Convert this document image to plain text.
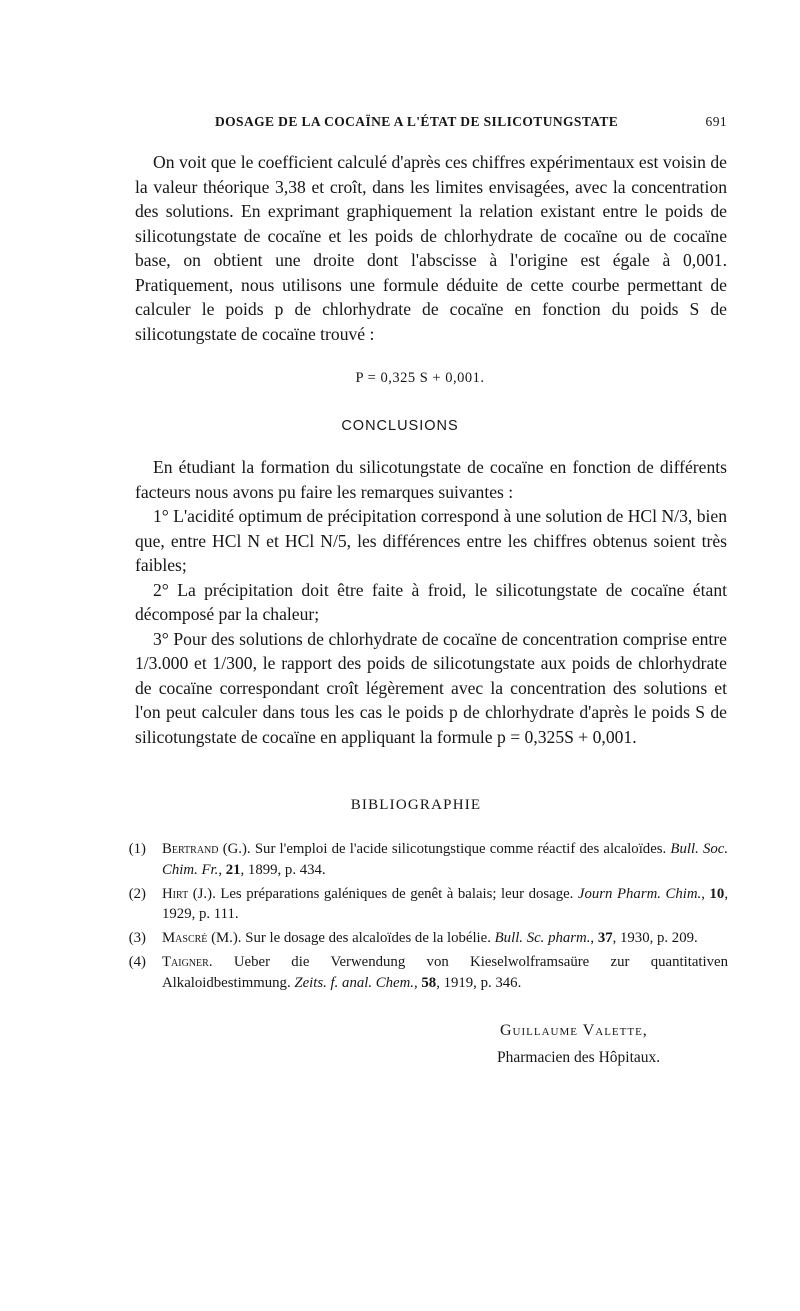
DOSAGE DE LA COCAÏNE A L'ÉTAT DE SILICOTUNGSTATE	691

On voit que le coefficient calculé d'après ces chiffres expérimentaux est voisin de la valeur théorique 3,38 et croît, dans les limites envisagées, avec la concentration des solutions. En exprimant graphiquement la relation existant entre le poids de silicotungstate de cocaïne et les poids de chlorhydrate de cocaïne ou de cocaïne base, on obtient une droite dont l'abscisse à l'origine est égale à 0,001. Pratiquement, nous utilisons une formule déduite de cette courbe permettant de calculer le poids p de chlorhydrate de cocaïne en fonction du poids S de silicotungstate de cocaïne trouvé :

P = 0,325 S + 0,001.
CONCLUSIONS

En étudiant la formation du silicotungstate de cocaïne en fonction de différents facteurs nous avons pu faire les remarques suivantes :

1° L'acidité optimum de précipitation correspond à une solution de HCl N/3, bien que, entre HCl N et HCl N/5, les différences entre les chiffres obtenus soient très faibles;

2° La précipitation doit être faite à froid, le silicotungstate de cocaïne étant décomposé par la chaleur;

3° Pour des solutions de chlorhydrate de cocaïne de concentration comprise entre 1/3.000 et 1/300, le rapport des poids de silicotungstate aux poids de chlorhydrate de cocaïne correspondant croît légèrement avec la concentration des solutions et l'on peut calculer dans tous les cas le poids p de chlorhydrate d'après le poids S de silicotungstate de cocaïne en appliquant la formule p = 0,325S + 0,001.

BIBLIOGRAPHIE
(1) Bertrand (G.). Sur l'emploi de l'acide silicotungstique comme réactif des alcaloïdes. Bull. Soc. Chim. Fr., 21, 1899, p. 434.
(2) Hirt (J.). Les préparations galéniques de genêt à balais; leur dosage. Journ Pharm. Chim., 10, 1929, p. 111.
(3) Mascré (M.). Sur le dosage des alcaloïdes de la lobélie. Bull. Sc. pharm., 37, 1930, p. 209.
(4) Taigner. Ueber die Verwendung von Kieselwolframsaüre zur quantitativen Alkaloidbestimmung. Zeits. f. anal. Chem., 58, 1919, p. 346.
Guillaume Valette,
Pharmacien des Hôpitaux.
